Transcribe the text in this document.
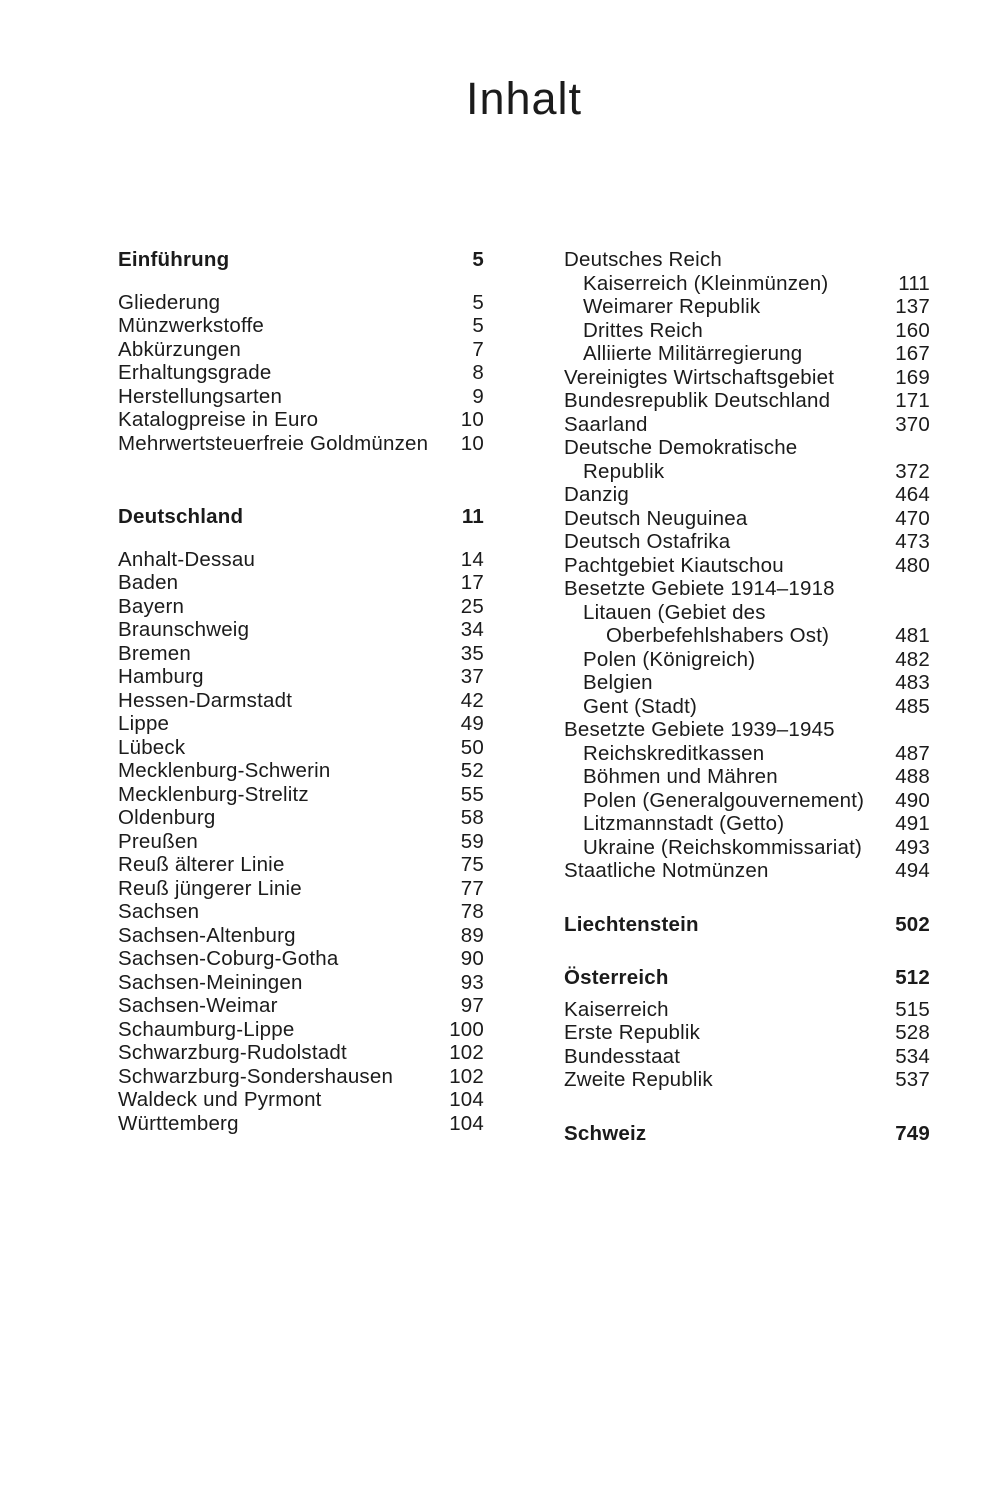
Inhalt
Einführung	5
Gliederung	5
Münzwerkstoffe	5
Abkürzungen	7
Erhaltungsgrade	8
Herstellungsarten	9
Katalogpreise in Euro	10
Mehrwertsteuerfreie Goldmünzen	10
Deutschland	11
Anhalt-Dessau	14
Baden	17
Bayern	25
Braunschweig	34
Bremen	35
Hamburg	37
Hessen-Darmstadt	42
Lippe	49
Lübeck	50
Mecklenburg-Schwerin	52
Mecklenburg-Strelitz	55
Oldenburg	58
Preußen	59
Reuß älterer Linie	75
Reuß jüngerer Linie	77
Sachsen	78
Sachsen-Altenburg	89
Sachsen-Coburg-Gotha	90
Sachsen-Meiningen	93
Sachsen-Weimar	97
Schaumburg-Lippe	100
Schwarzburg-Rudolstadt	102
Schwarzburg-Sondershausen	102
Waldeck und Pyrmont	104
Württemberg	104
Deutsches Reich
Kaiserreich (Kleinmünzen)	111
Weimarer Republik	137
Drittes Reich	160
Alliierte Militärregierung	167
Vereinigtes Wirtschaftsgebiet	169
Bundesrepublik Deutschland	171
Saarland	370
Deutsche Demokratische
Republik	372
Danzig	464
Deutsch Neuguinea	470
Deutsch Ostafrika	473
Pachtgebiet Kiautschou	480
Besetzte Gebiete 1914–1918
Litauen (Gebiet des
Oberbefehlshabers Ost)	481
Polen (Königreich)	482
Belgien	483
Gent (Stadt)	485
Besetzte Gebiete 1939–1945
Reichskreditkassen	487
Böhmen und Mähren	488
Polen (Generalgouvernement)	490
Litzmannstadt (Getto)	491
Ukraine (Reichskommissariat)	493
Staatliche Notmünzen	494
Liechtenstein	502
Österreich	512
Kaiserreich	515
Erste Republik	528
Bundesstaat	534
Zweite Republik	537
Schweiz	749
